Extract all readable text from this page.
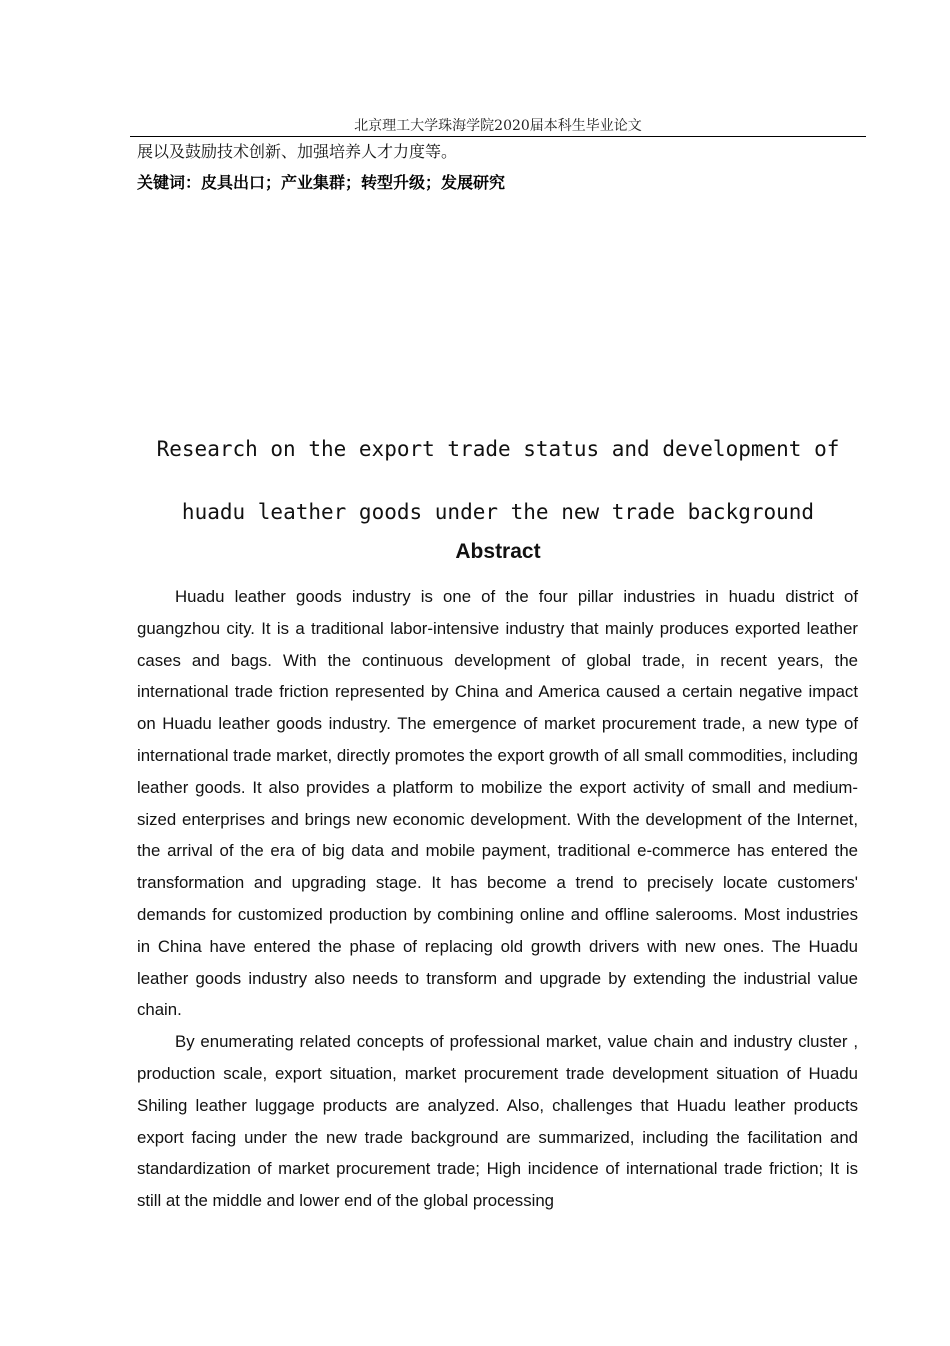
北京理工大学珠海学院2020届本科生毕业论文
展以及鼓励技术创新、加强培养人才力度等。
关键词：皮具出口；产业集群；转型升级；发展研究
Research on the export trade status and development of huadu leather goods under the new trade background
Abstract

Huadu leather goods industry is one of the four pillar industries in huadu district of guangzhou city. It is a traditional labor-intensive industry that mainly produces exported leather cases and bags. With the continuous development of global trade, in recent years, the international trade friction represented by China and America caused a certain negative impact on Huadu leather goods industry. The emergence of market procurement trade, a new type of international trade market, directly promotes the export growth of all small commodities, including leather goods. It also provides a platform to mobilize the export activity of small and medium-sized enterprises and brings new economic development. With the development of the Internet, the arrival of the era of big data and mobile payment, traditional e-commerce has entered the transformation and upgrading stage. It has become a trend to precisely locate customers' demands for customized production by combining online and offline salerooms. Most industries in China have entered the phase of replacing old growth drivers with new ones. The Huadu leather goods industry also needs to transform and upgrade by extending the industrial value chain.

By enumerating related concepts of professional market, value chain and industry cluster , production scale, export situation, market procurement trade development situation of Huadu Shiling leather luggage products are analyzed. Also, challenges that Huadu leather products export facing under the new trade background are summarized, including the facilitation and standardization of market procurement trade; High incidence of international trade friction; It is still at the middle and lower end of the global processing
